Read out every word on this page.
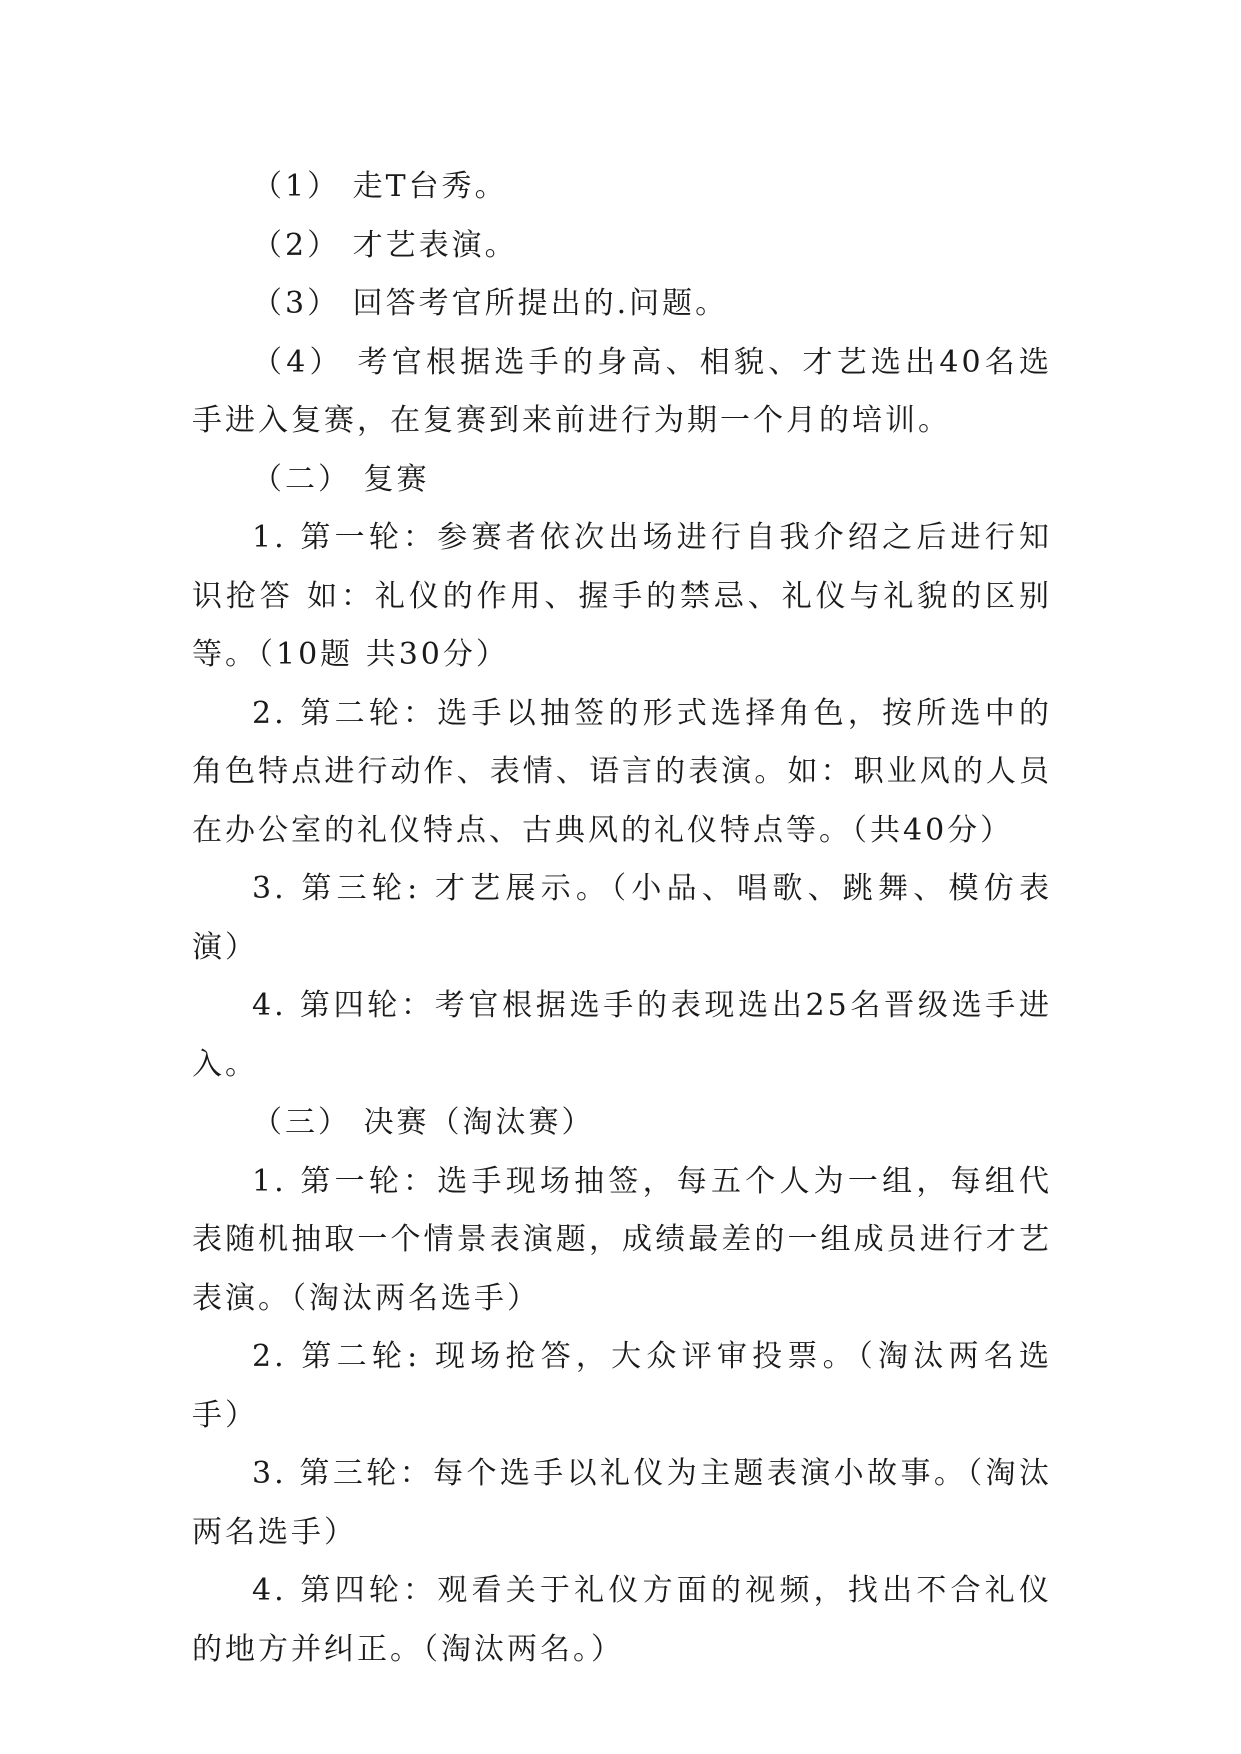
（1） 走T台秀。

（2） 才艺表演。

（3） 回答考官所提出的.问题。

（4） 考官根据选手的身高、相貌、才艺选出40名选手进入复赛，在复赛到来前进行为期一个月的培训。

（二） 复赛

1. 第一轮：参赛者依次出场进行自我介绍之后进行知识抢答 如：礼仪的作用、握手的禁忌、礼仪与礼貌的区别等。（10题 共30分）

2. 第二轮：选手以抽签的形式选择角色，按所选中的角色特点进行动作、表情、语言的表演。如：职业风的人员在办公室的礼仪特点、古典风的礼仪特点等。（共40分）

3. 第三轮: 才艺展示。（小品、唱歌、跳舞、模仿表演）

4. 第四轮：考官根据选手的表现选出25名晋级选手进入。

（三） 决赛（淘汰赛）

1. 第一轮：选手现场抽签，每五个人为一组，每组代表随机抽取一个情景表演题，成绩最差的一组成员进行才艺表演。（淘汰两名选手）

2. 第二轮: 现场抢答，大众评审投票。（淘汰两名选手）

3. 第三轮：每个选手以礼仪为主题表演小故事。（淘汰两名选手）

4. 第四轮：观看关于礼仪方面的视频，找出不合礼仪的地方并纠正。（淘汰两名。）
